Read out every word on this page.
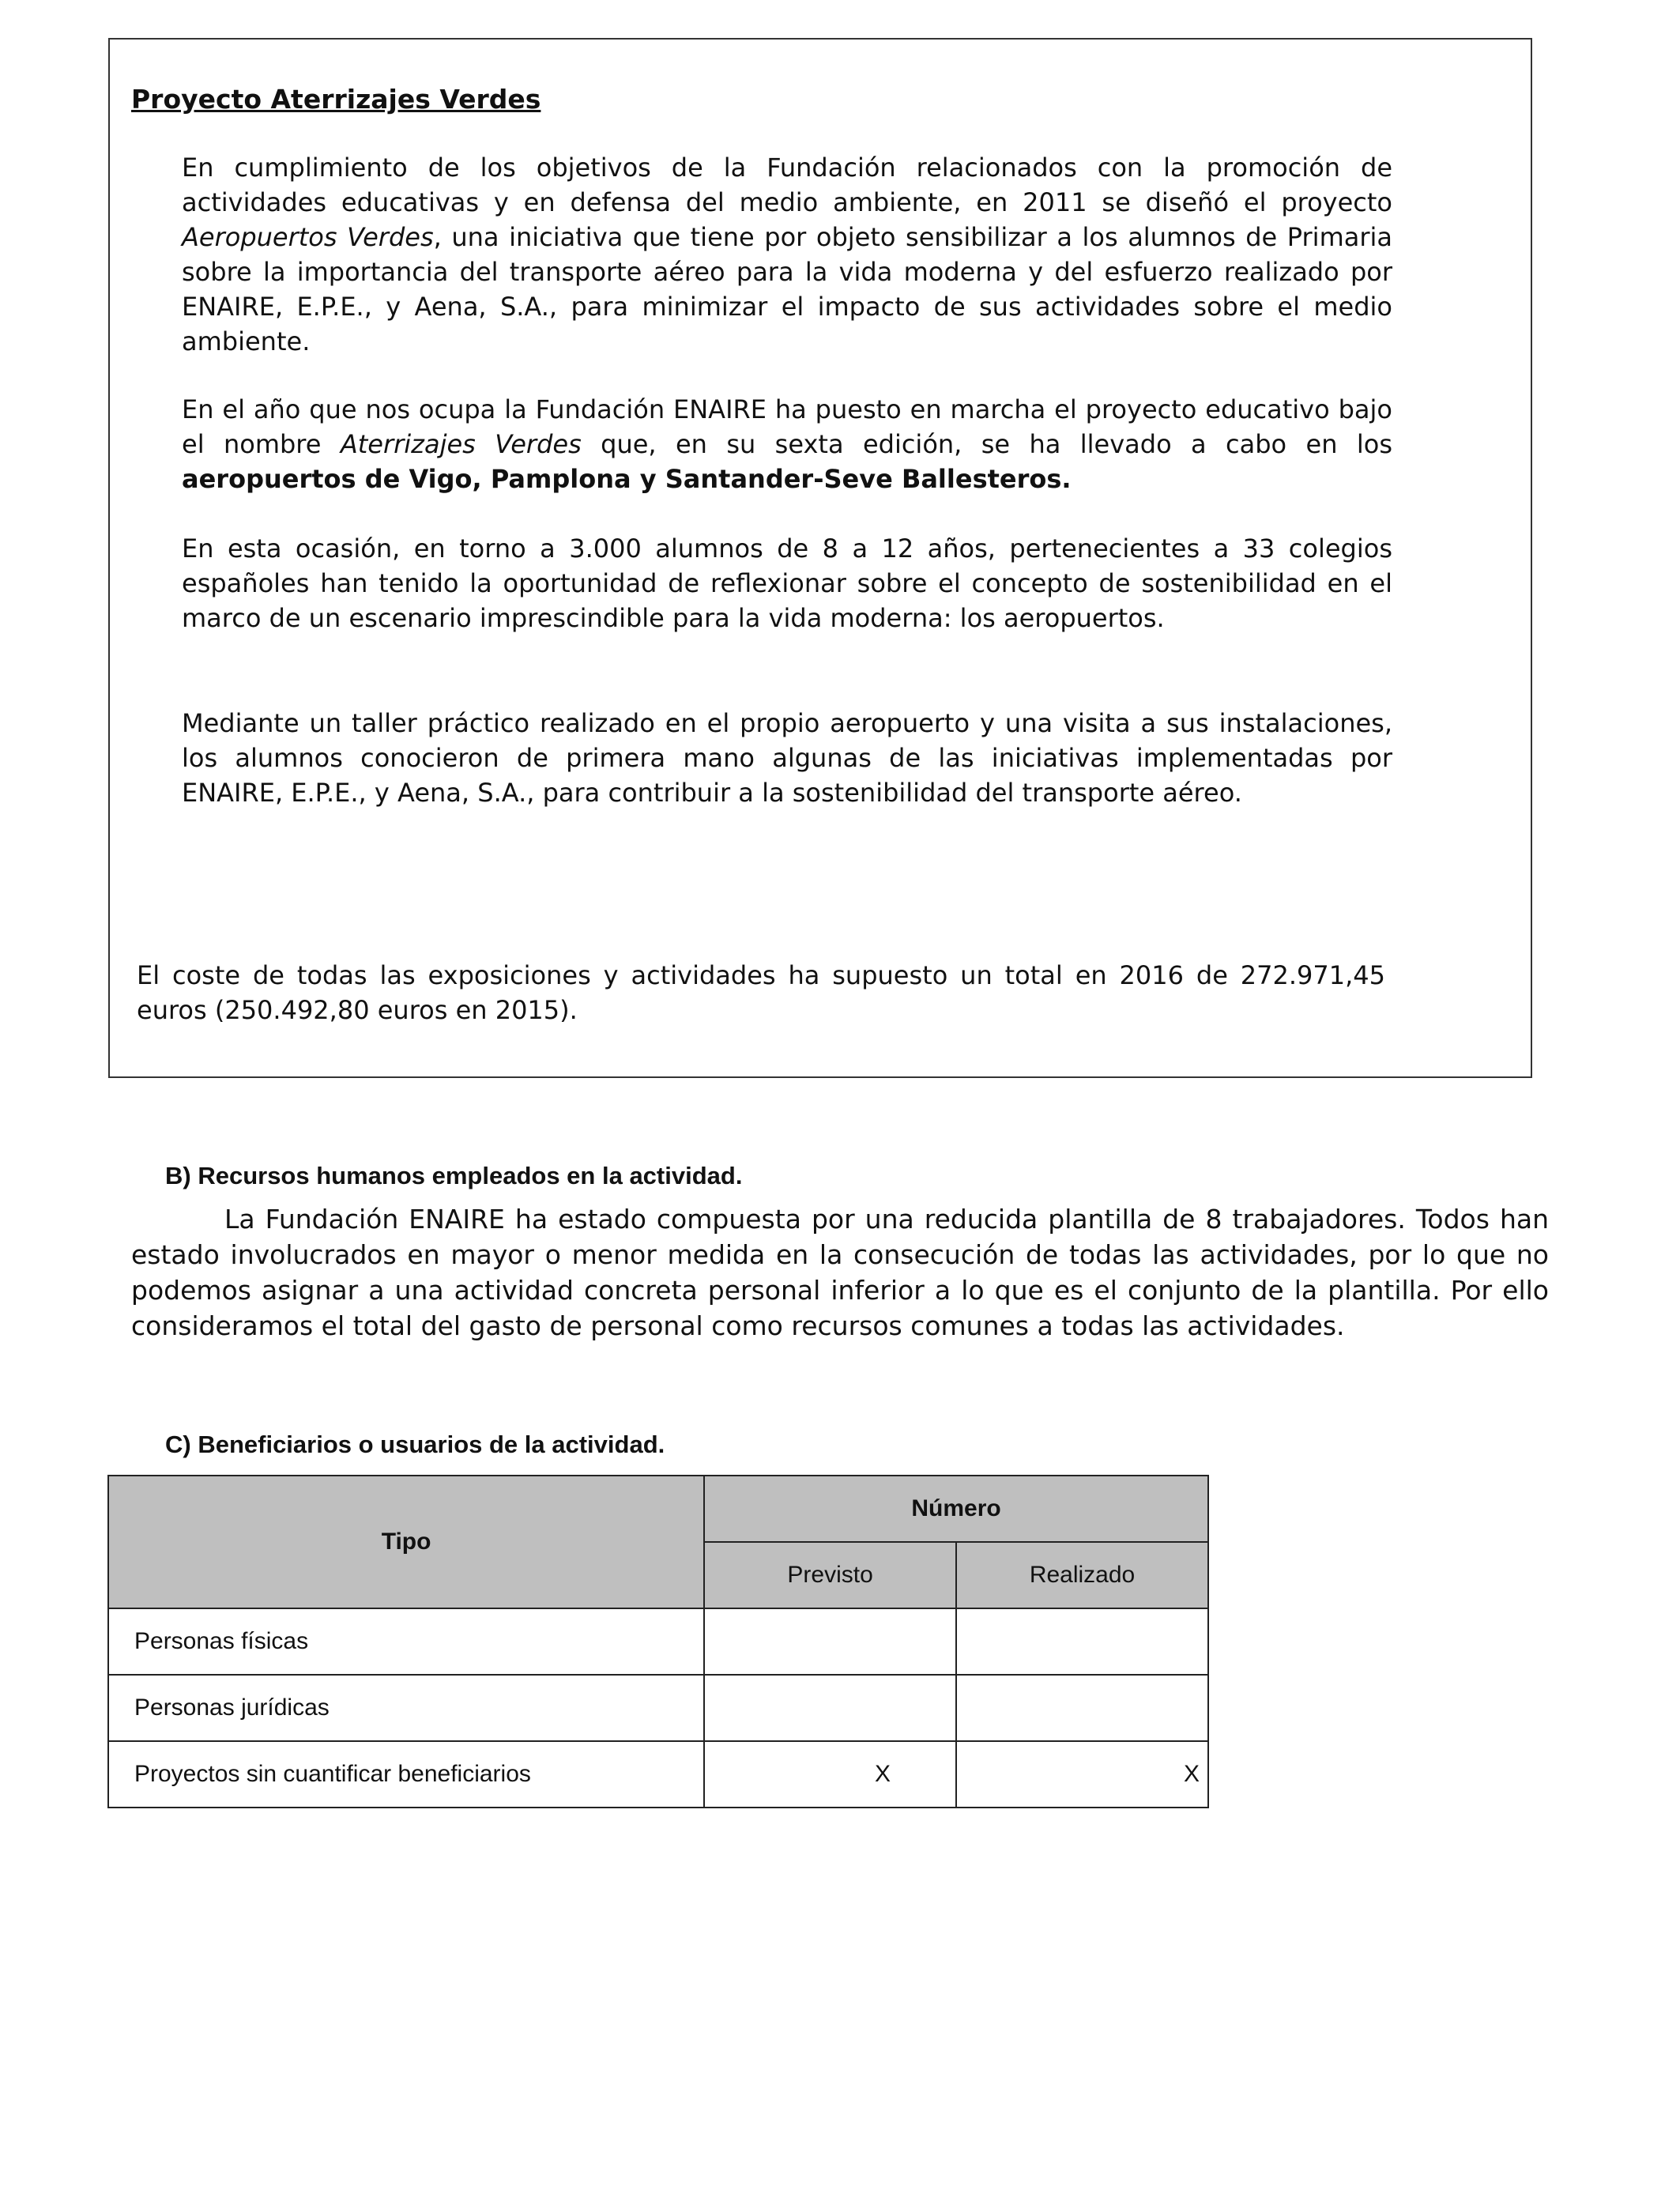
Proyecto Aterrizajes Verdes

En cumplimiento de los objetivos de la Fundación relacionados con la promoción de actividades educativas y en defensa del medio ambiente, en 2011 se diseñó el proyecto Aeropuertos Verdes, una iniciativa que tiene por objeto sensibilizar a los alumnos de Primaria sobre la importancia del transporte aéreo para la vida moderna y del esfuerzo realizado por ENAIRE, E.P.E., y Aena, S.A., para minimizar el impacto de sus actividades sobre el medio ambiente.

En el año que nos ocupa la Fundación ENAIRE ha puesto en marcha el proyecto educativo bajo el nombre Aterrizajes Verdes que, en su sexta edición, se ha llevado a cabo en los aeropuertos de Vigo, Pamplona y Santander-Seve Ballesteros.

En esta ocasión, en torno a 3.000 alumnos de 8 a 12 años, pertenecientes a 33 colegios españoles han tenido la oportunidad de reflexionar sobre el concepto de sostenibilidad en el marco de un escenario imprescindible para la vida moderna: los aeropuertos.

Mediante un taller práctico realizado en el propio aeropuerto y una visita a sus instalaciones, los alumnos conocieron de primera mano algunas de las iniciativas implementadas por ENAIRE, E.P.E., y Aena, S.A., para contribuir a la sostenibilidad del transporte aéreo.

El coste de todas las exposiciones y actividades ha supuesto un total en 2016 de 272.971,45 euros (250.492,80 euros en 2015).

B) Recursos humanos empleados en la actividad.

La Fundación ENAIRE ha estado compuesta por una reducida plantilla de 8 trabajadores. Todos han estado involucrados en mayor o menor medida en la consecución de todas las actividades, por lo que no podemos asignar a una actividad concreta personal inferior a lo que es el conjunto de la plantilla. Por ello consideramos el total del gasto de personal como recursos comunes a todas las actividades.

C) Beneficiarios o usuarios de la actividad.
Tipo	Número	
	Previsto	Realizado
Personas físicas		
Personas jurídicas		
Proyectos sin cuantificar beneficiarios	X	X
